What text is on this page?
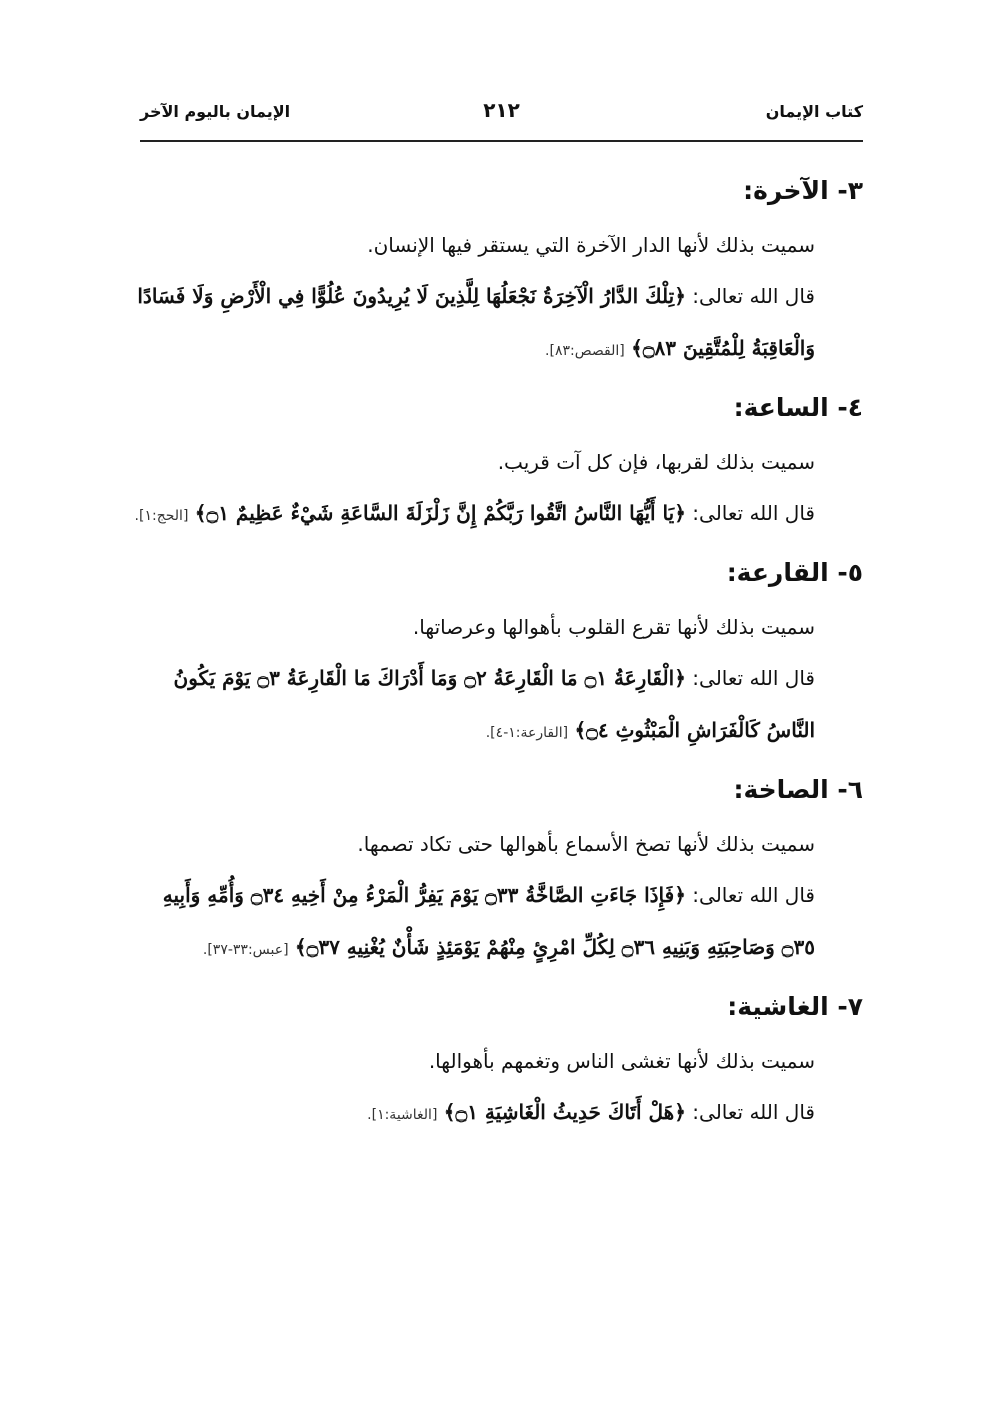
كتاب الإيمان
٢١٢
الإيمان باليوم الآخر
٣- الآخرة:
سميت بذلك لأنها الدار الآخرة التي يستقر فيها الإنسان.
قال الله تعالى: ﴿تِلْكَ الدَّارُ الْآخِرَةُ نَجْعَلُهَا لِلَّذِينَ لَا يُرِيدُونَ عُلُوًّا فِي الْأَرْضِ وَلَا فَسَادًا وَالْعَاقِبَةُ لِلْمُتَّقِينَ ۝٨٣﴾ [القصص:٨٣].
٤- الساعة:
سميت بذلك لقربها، فإن كل آت قريب.
قال الله تعالى: ﴿يَا أَيُّهَا النَّاسُ اتَّقُوا رَبَّكُمْ إِنَّ زَلْزَلَةَ السَّاعَةِ شَيْءٌ عَظِيمٌ ۝١﴾ [الحج:١].
٥- القارعة:
سميت بذلك لأنها تقرع القلوب بأهوالها وعرصاتها.
قال الله تعالى: ﴿الْقَارِعَةُ ۝١ مَا الْقَارِعَةُ ۝٢ وَمَا أَدْرَاكَ مَا الْقَارِعَةُ ۝٣ يَوْمَ يَكُونُ النَّاسُ كَالْفَرَاشِ الْمَبْثُوثِ ۝٤﴾ [القارعة:١-٤].
٦- الصاخة:
سميت بذلك لأنها تصخ الأسماع بأهوالها حتى تكاد تصمها.
قال الله تعالى: ﴿فَإِذَا جَاءَتِ الصَّاخَّةُ ۝٣٣ يَوْمَ يَفِرُّ الْمَرْءُ مِنْ أَخِيهِ ۝٣٤ وَأُمِّهِ وَأَبِيهِ ۝٣٥ وَصَاحِبَتِهِ وَبَنِيهِ ۝٣٦ لِكُلِّ امْرِئٍ مِنْهُمْ يَوْمَئِذٍ شَأْنٌ يُغْنِيهِ ۝٣٧﴾ [عبس:٣٣-٣٧].
٧- الغاشية:
سميت بذلك لأنها تغشى الناس وتغمهم بأهوالها.
قال الله تعالى: ﴿هَلْ أَتَاكَ حَدِيثُ الْغَاشِيَةِ ۝١﴾ [الغاشية:١].
